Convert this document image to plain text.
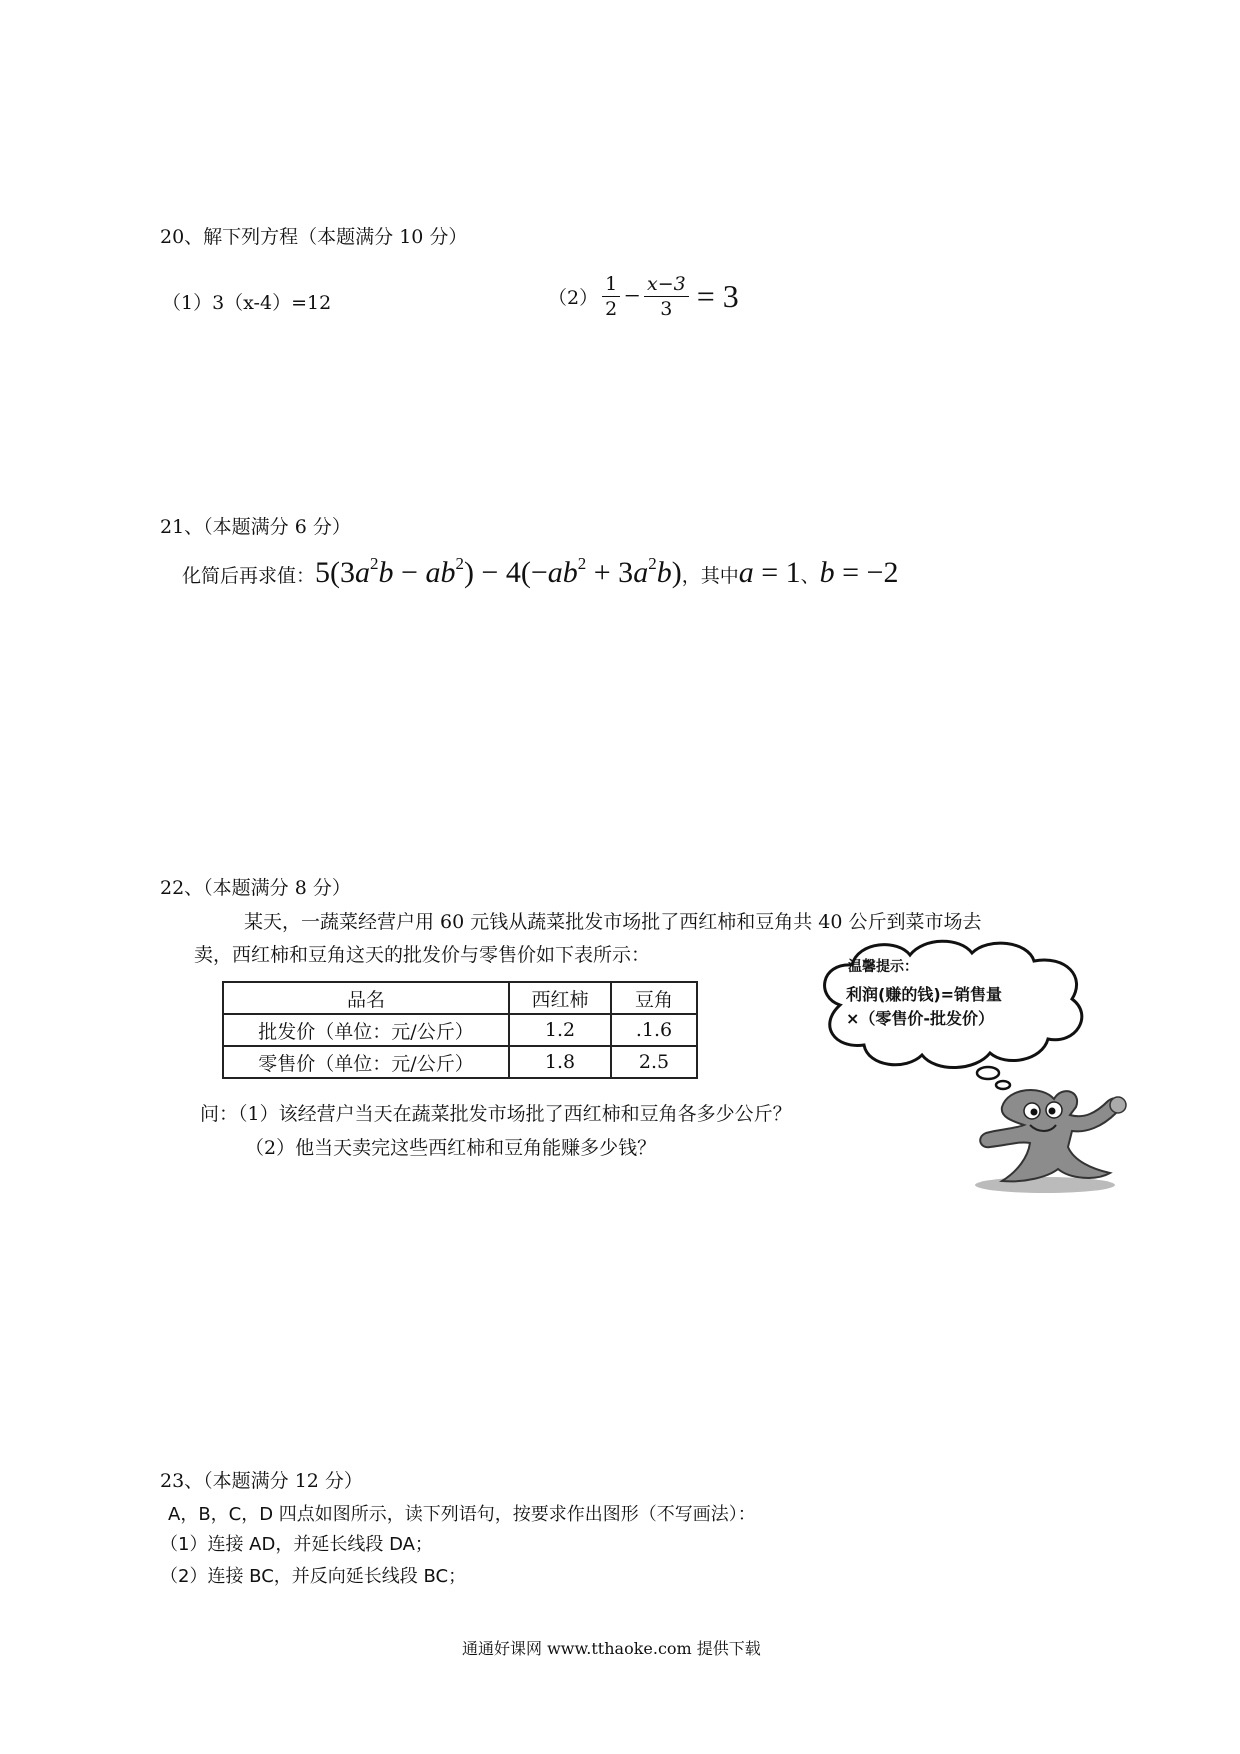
20、解下列方程（本题满分 10 分）
（1）3（x-4）=12	$(2) \frac{1}{2} - \frac{x-3}{3} = 3$
21、（本题满分 6 分）
化简后再求值： $5(3a^2b - ab^2) - 4(-ab^2 + 3a^2b)$ ，其中 a = 1 、 b = −2
22、（本题满分 8 分）
某天，一蔬菜经营户用 60 元钱从蔬菜批发市场批了西红柿和豆角共 40 公斤到菜市场去
卖，西红柿和豆角这天的批发价与零售价如下表所示：
品名	西红柿	豆角
批发价（单位：元/公斤）	1.2	.1.6
零售价（单位：元/公斤）	1.8	2.5
问：（1）该经营户当天在蔬菜批发市场批了西红柿和豆角各多少公斤？
（2）他当天卖完这些西红柿和豆角能赚多少钱？
温馨提示：
利润(赚的钱)=销售量
×（零售价-批发价）
23、（本题满分 12 分）
A，B，C，D 四点如图所示，读下列语句，按要求作出图形（不写画法）：
（1）连接 AD，并延长线段 DA；
（2）连接 BC，并反向延长线段 BC；
通通好课网 www.tthaoke.com 提供下载
